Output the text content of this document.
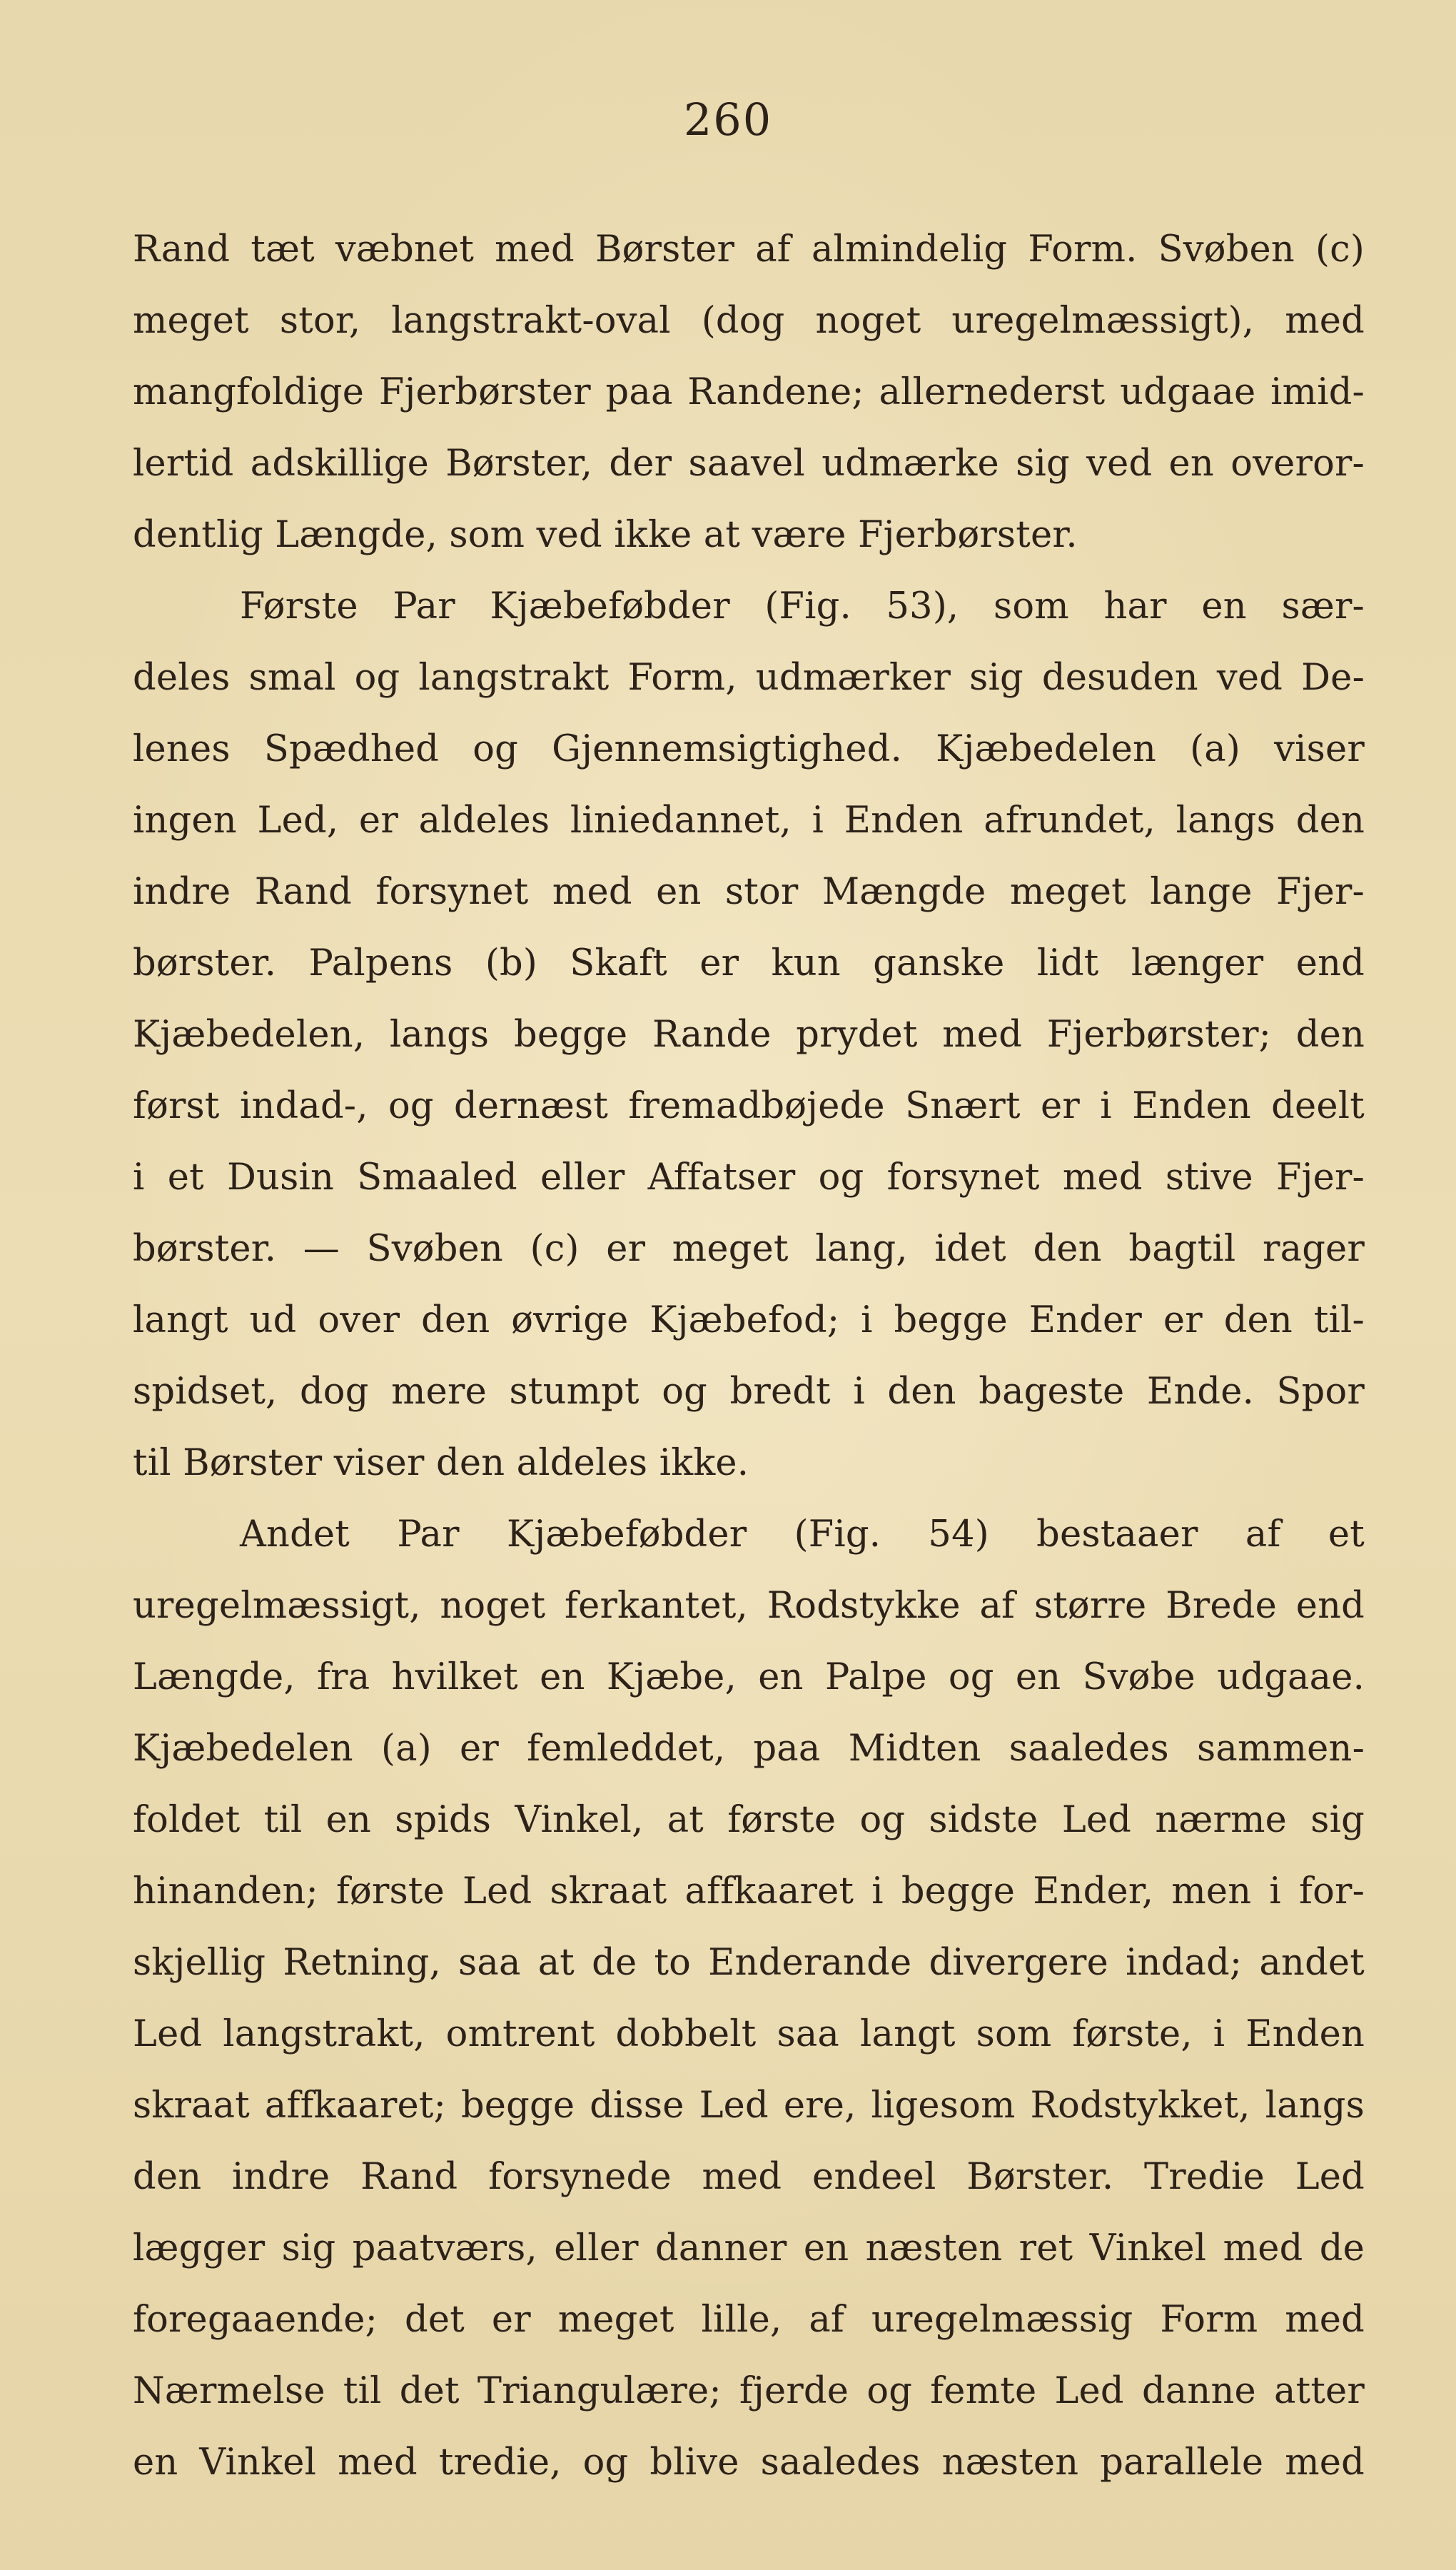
260
Rand tæt væbnet med Børster af almindelig Form. Svøben (c)
meget stor, langstrakt-oval (dog noget uregelmæssigt), med
mangfoldige Fjerbørster paa Randene; allernederst udgaae imid-
lertid adskillige Børster, der saavel udmærke sig ved en overor-
dentlig Længde, som ved ikke at være Fjerbørster.
Første Par Kjæbeføbder (Fig. 53), som har en sær-
deles smal og langstrakt Form, udmærker sig desuden ved De-
lenes Spædhed og Gjennemsigtighed. Kjæbedelen (a) viser
ingen Led, er aldeles liniedannet, i Enden afrundet, langs den
indre Rand forsynet med en stor Mængde meget lange Fjer-
børster. Palpens (b) Skaft er kun ganske lidt længer end
Kjæbedelen, langs begge Rande prydet med Fjerbørster; den
først indad-, og dernæst fremadbøjede Snært er i Enden deelt
i et Dusin Smaaled eller Affatser og forsynet med stive Fjer-
børster. — Svøben (c) er meget lang, idet den bagtil rager
langt ud over den øvrige Kjæbefod; i begge Ender er den til-
spidset, dog mere stumpt og bredt i den bageste Ende. Spor
til Børster viser den aldeles ikke.
Andet Par Kjæbeføbder (Fig. 54) bestaaer af et
uregelmæssigt, noget ferkantet, Rodstykke af større Brede end
Længde, fra hvilket en Kjæbe, en Palpe og en Svøbe udgaae.
Kjæbedelen (a) er femleddet, paa Midten saaledes sammen-
foldet til en spids Vinkel, at første og sidste Led nærme sig
hinanden; første Led skraat affkaaret i begge Ender, men i for-
skjellig Retning, saa at de to Enderande divergere indad; andet
Led langstrakt, omtrent dobbelt saa langt som første, i Enden
skraat affkaaret; begge disse Led ere, ligesom Rodstykket, langs
den indre Rand forsynede med endeel Børster. Tredie Led
lægger sig paatværs, eller danner en næsten ret Vinkel med de
foregaaende; det er meget lille, af uregelmæssig Form med
Nærmelse til det Triangulære; fjerde og femte Led danne atter
en Vinkel med tredie, og blive saaledes næsten parallele med
